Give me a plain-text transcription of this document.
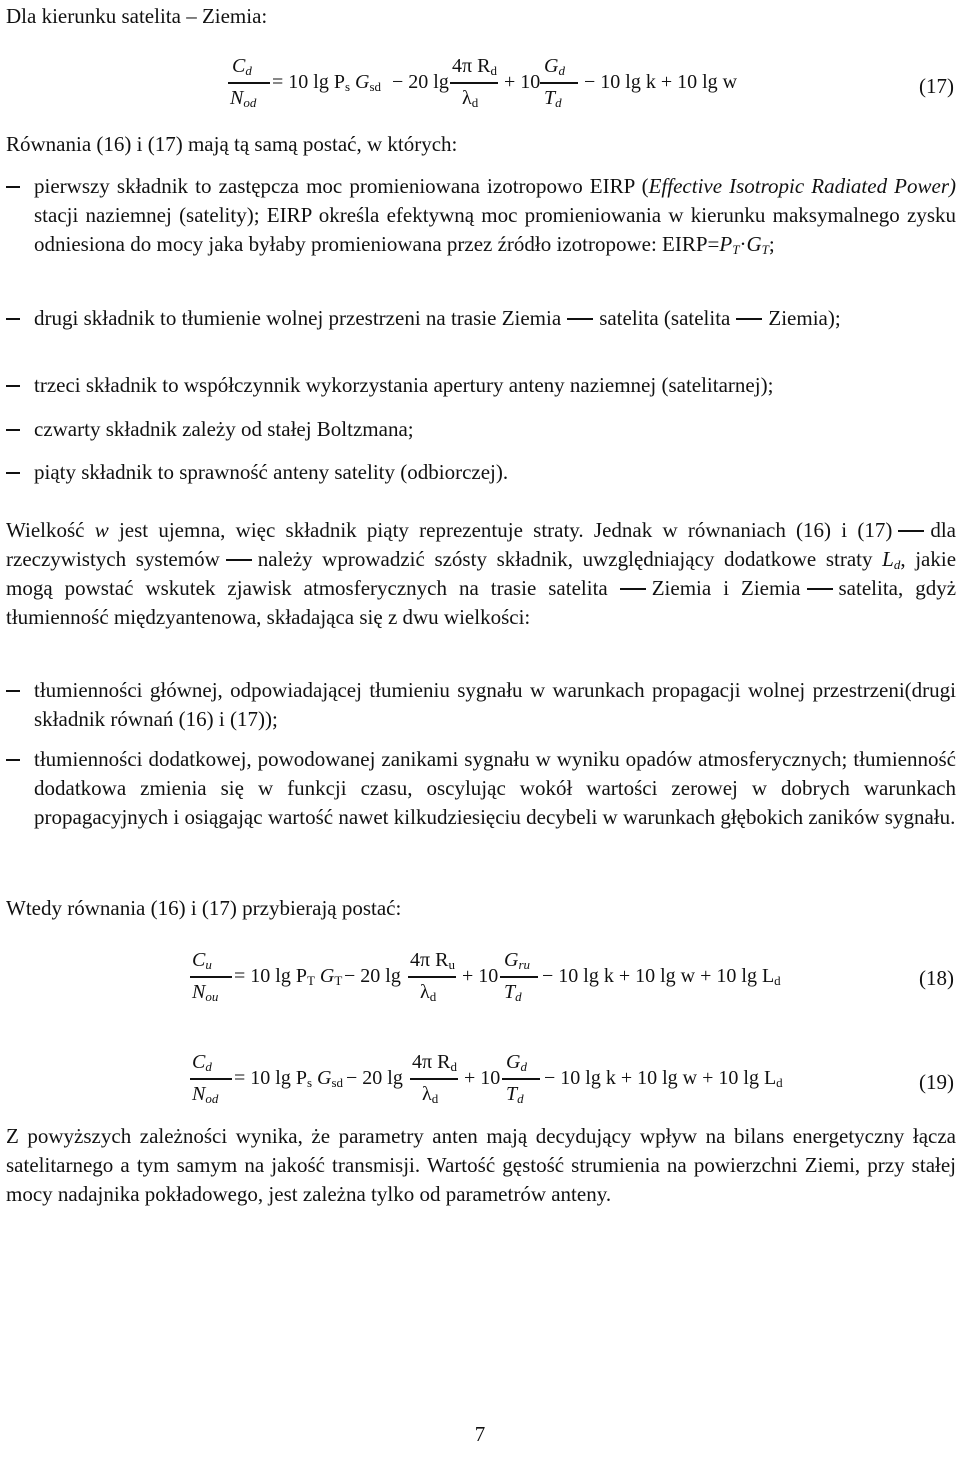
Dla kierunku satelita – Ziemia:
$C_d$
$N_{od}$
= 10 $\lg P_s$ $G_{sd} - 20$ lg
4π $R_d$
$\lambda_d$
+ 10
$G_d$
$T_d$
− 10 lg k + 10 lg w	(17)
Równania (16) i (17) mają tą samą postać, w których:
pierwszy składnik to zastępcza moc promieniowana izotropowo EIRP (Effective Isotropic Radiated Power) stacji naziemnej (satelity); EIRP określa efektywną moc promieniowania w kierunku maksymalnego zysku odniesiona do mocy jaka byłaby promieniowana przez źródło izotropowe: $EIRP=P_T\cdot G_T$;
drugi składnik to tłumienie wolnej przestrzeni na trasie Ziemia satelita (satelita Ziemia);
trzeci składnik to współczynnik wykorzystania apertury anteny naziemnej (satelitarnej);
czwarty składnik zależy od stałej Boltzmana;
piąty składnik to sprawność anteny satelity (odbiorczej).
Wielkość w jest ujemna, więc składnik piąty reprezentuje straty. Jednak w równaniach (16) i (17) dla rzeczywistych systemów należy wprowadzić szósty składnik, uwzględniający dodatkowe straty $L_d$, jakie mogą powstać wskutek zjawisk atmosferycznych na trasie satelita Ziemia i Ziemia satelita, gdyż tłumienność międzyantenowa, składająca się z dwu wielkości:
tłumienności głównej, odpowiadającej tłumieniu sygnału w warunkach propagacji wolnej przestrzeni(drugi składnik równań (16) i (17));
tłumienności dodatkowej, powodowanej zanikami sygnału w wyniku opadów atmosferycznych; tłumienność dodatkowa zmienia się w funkcji czasu, oscylując wokół wartości zerowej w dobrych warunkach propagacyjnych i osiągając wartość nawet kilkudziesięciu decybeli w warunkach głębokich zaników sygnału.
Wtedy równania (16) i (17) przybierają postać:
$C_u$
$N_{ou}$
= 10 $\lg P_T$ $G_T - 20$ lg
4π $R_u$
$\lambda_d$
+ 10
$G_{ru}$
$T_d$
− 10 lg k + 10 lg w + 10 $\lg L_d$	(18)
$C_d$
$N_{od}$
= 10 $\lg P_s$ $G_{sd} - 20$ lg
4π $R_d$
$\lambda_d$
+ 10
$G_d$
$T_d$
− 10 lg k + 10 lg w + 10 $\lg L_d$	(19)
Z powyższych zależności wynika, że parametry anten mają decydujący wpływ na bilans energetyczny łącza satelitarnego a tym samym na jakość transmisji. Wartość gęstość strumienia na powierzchni Ziemi, przy stałej mocy nadajnika pokładowego, jest zależna tylko od parametrów anteny.
7
